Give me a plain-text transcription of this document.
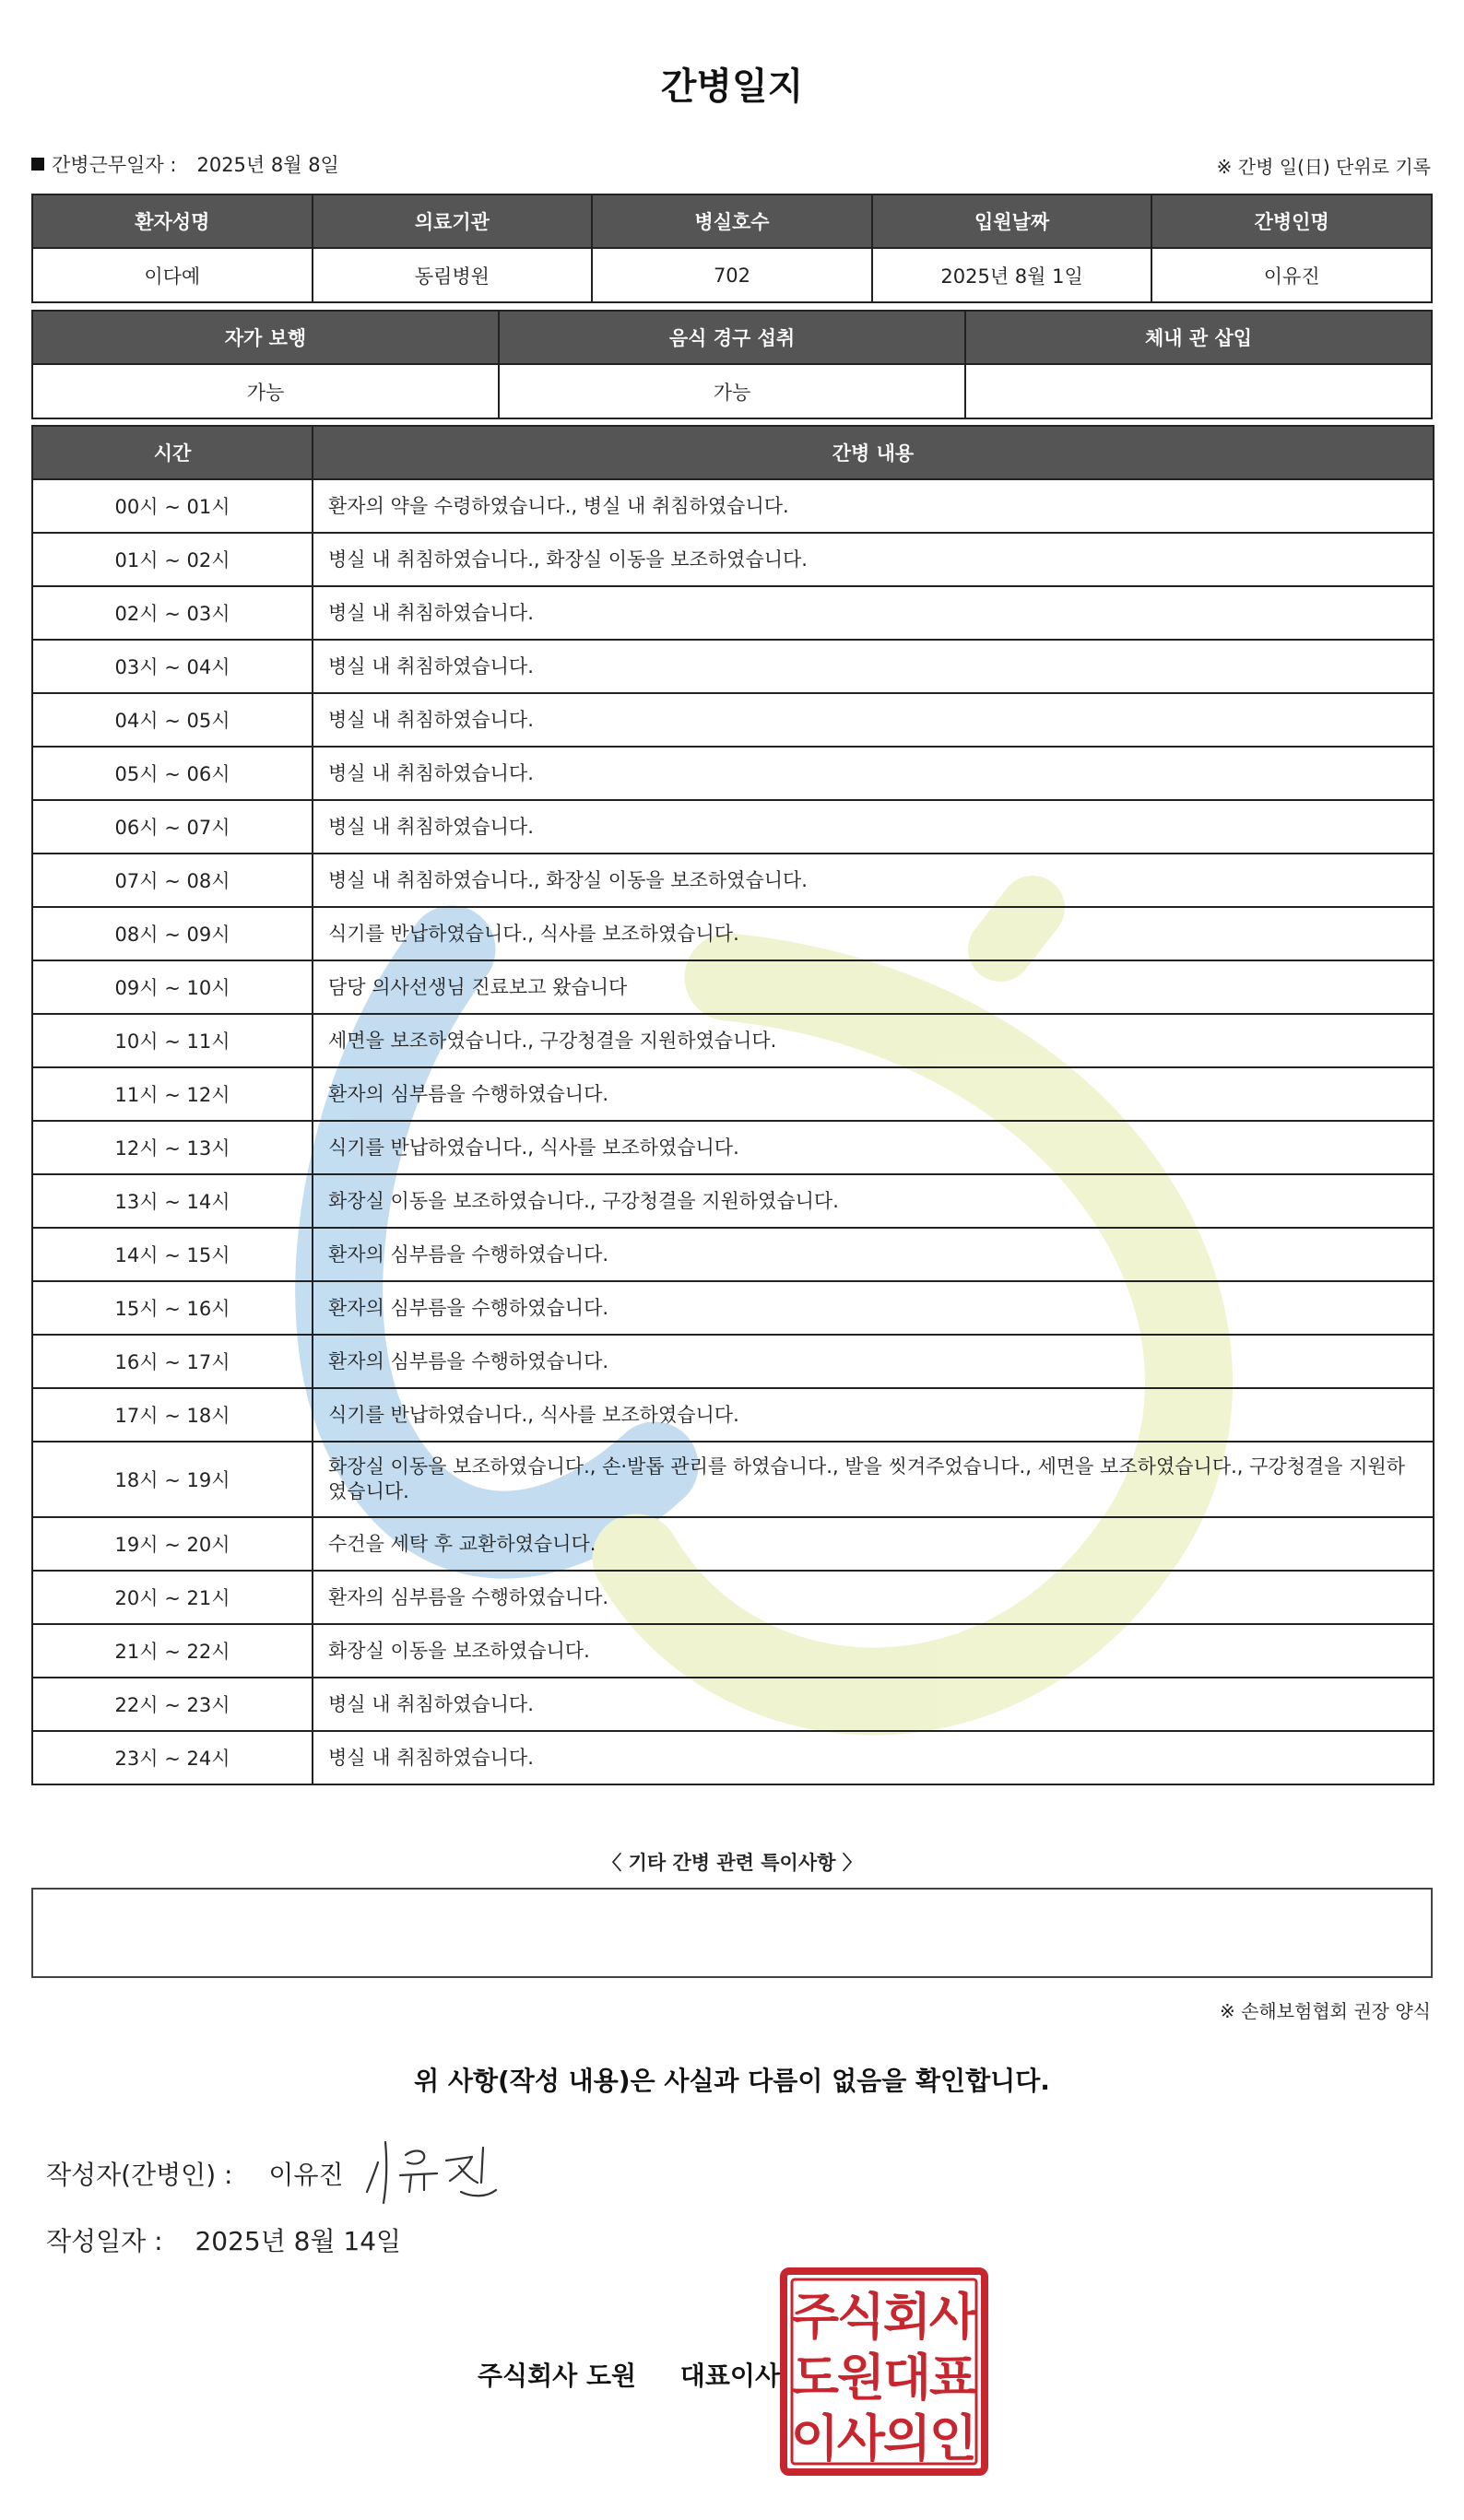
간병일지
간병근무일자 : 2025년 8월 8일	※ 간병 일(日) 단위로 기록
환자성명	의료기관	병실호수	입원날짜	간병인명
이다예	동림병원	702	2025년 8월 1일	이유진
자가 보행	음식 경구 섭취	체내 관 삽입
가능	가능	
시간	간병 내용
00시 ~ 01시	환자의 약을 수령하였습니다., 병실 내 취침하였습니다.
01시 ~ 02시	병실 내 취침하였습니다., 화장실 이동을 보조하였습니다.
02시 ~ 03시	병실 내 취침하였습니다.
03시 ~ 04시	병실 내 취침하였습니다.
04시 ~ 05시	병실 내 취침하였습니다.
05시 ~ 06시	병실 내 취침하였습니다.
06시 ~ 07시	병실 내 취침하였습니다.
07시 ~ 08시	병실 내 취침하였습니다., 화장실 이동을 보조하였습니다.
08시 ~ 09시	식기를 반납하였습니다., 식사를 보조하였습니다.
09시 ~ 10시	담당 의사선생님 진료보고 왔습니다
10시 ~ 11시	세면을 보조하였습니다., 구강청결을 지원하였습니다.
11시 ~ 12시	환자의 심부름을 수행하였습니다.
12시 ~ 13시	식기를 반납하였습니다., 식사를 보조하였습니다.
13시 ~ 14시	화장실 이동을 보조하였습니다., 구강청결을 지원하였습니다.
14시 ~ 15시	환자의 심부름을 수행하였습니다.
15시 ~ 16시	환자의 심부름을 수행하였습니다.
16시 ~ 17시	환자의 심부름을 수행하였습니다.
17시 ~ 18시	식기를 반납하였습니다., 식사를 보조하였습니다.
18시 ~ 19시	화장실 이동을 보조하였습니다., 손·발톱 관리를 하였습니다., 발을 씻겨주었습니다., 세면을 보조하였습니다., 구강청결을 지원하였습니다.
19시 ~ 20시	수건을 세탁 후 교환하였습니다.
20시 ~ 21시	환자의 심부름을 수행하였습니다.
21시 ~ 22시	화장실 이동을 보조하였습니다.
22시 ~ 23시	병실 내 취침하였습니다.
23시 ~ 24시	병실 내 취침하였습니다.
〈 기타 간병 관련 특이사항 〉
※ 손해보험협회 권장 양식
위 사항(작성 내용)은 사실과 다름이 없음을 확인합니다.
작성자(간병인) : 이유진
작성일자 : 2025년 8월 14일
주식회사 도원 대표이사
주
식
회
사
도
원
대
표
이
사
의
인
